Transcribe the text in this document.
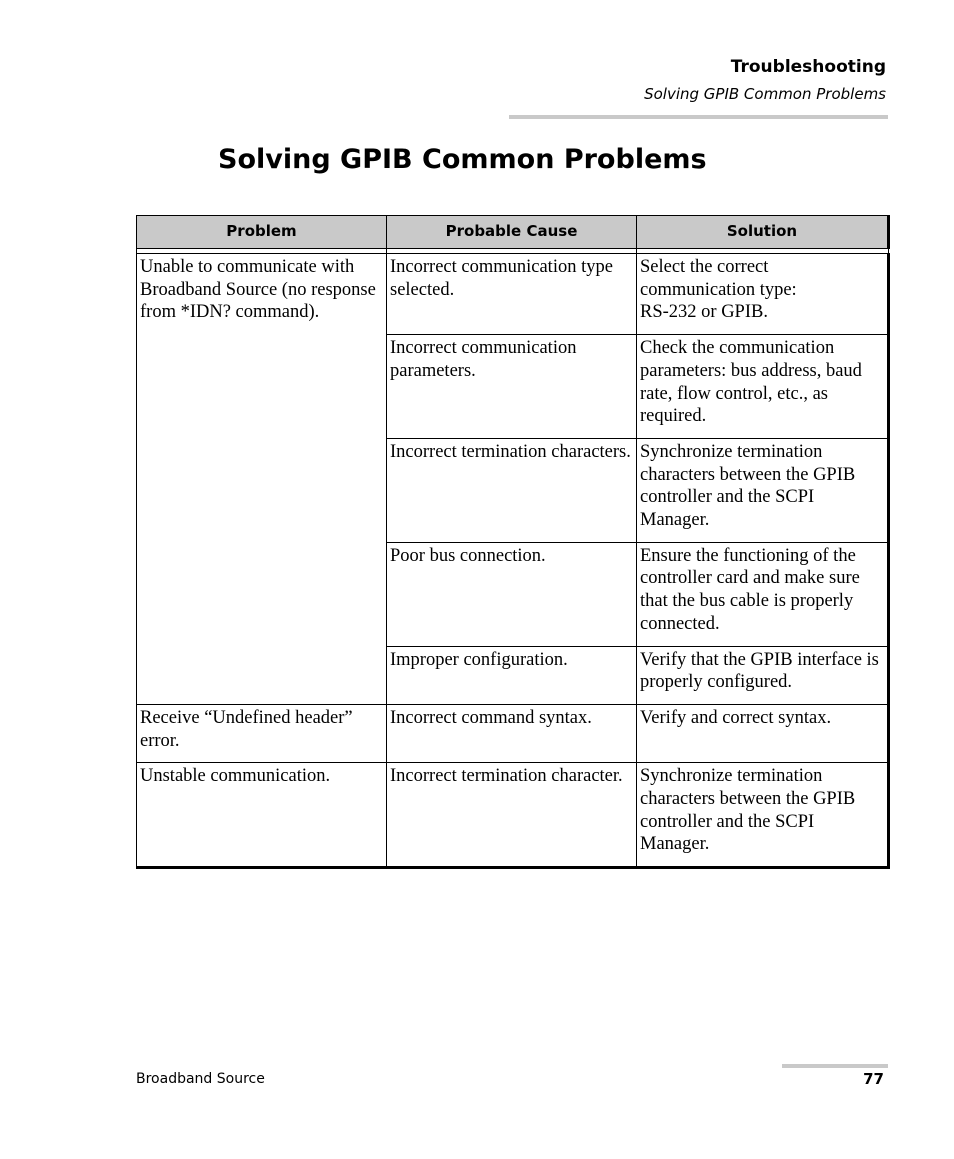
Troubleshooting
Solving GPIB Common Problems
Solving GPIB Common Problems
Problem	Probable Cause	Solution

Unable to communicate with Broadband Source (no response from *IDN? command).	Incorrect communication type selected.	Select the correct communication type:
RS-232 or GPIB.
	Incorrect communication parameters.	Check the communication parameters: bus address, baud rate, flow control, etc., as required.
	Incorrect termination characters.	Synchronize termination characters between the GPIB controller and the SCPI Manager.
	Poor bus connection.	Ensure the functioning of the controller card and make sure that the bus cable is properly connected.
	Improper configuration.	Verify that the GPIB interface is properly configured.
Receive “Undefined header” error.	Incorrect command syntax.	Verify and correct syntax.
Unstable communication.	Incorrect termination character.	Synchronize termination characters between the GPIB controller and the SCPI Manager.
Broadband Source	77
